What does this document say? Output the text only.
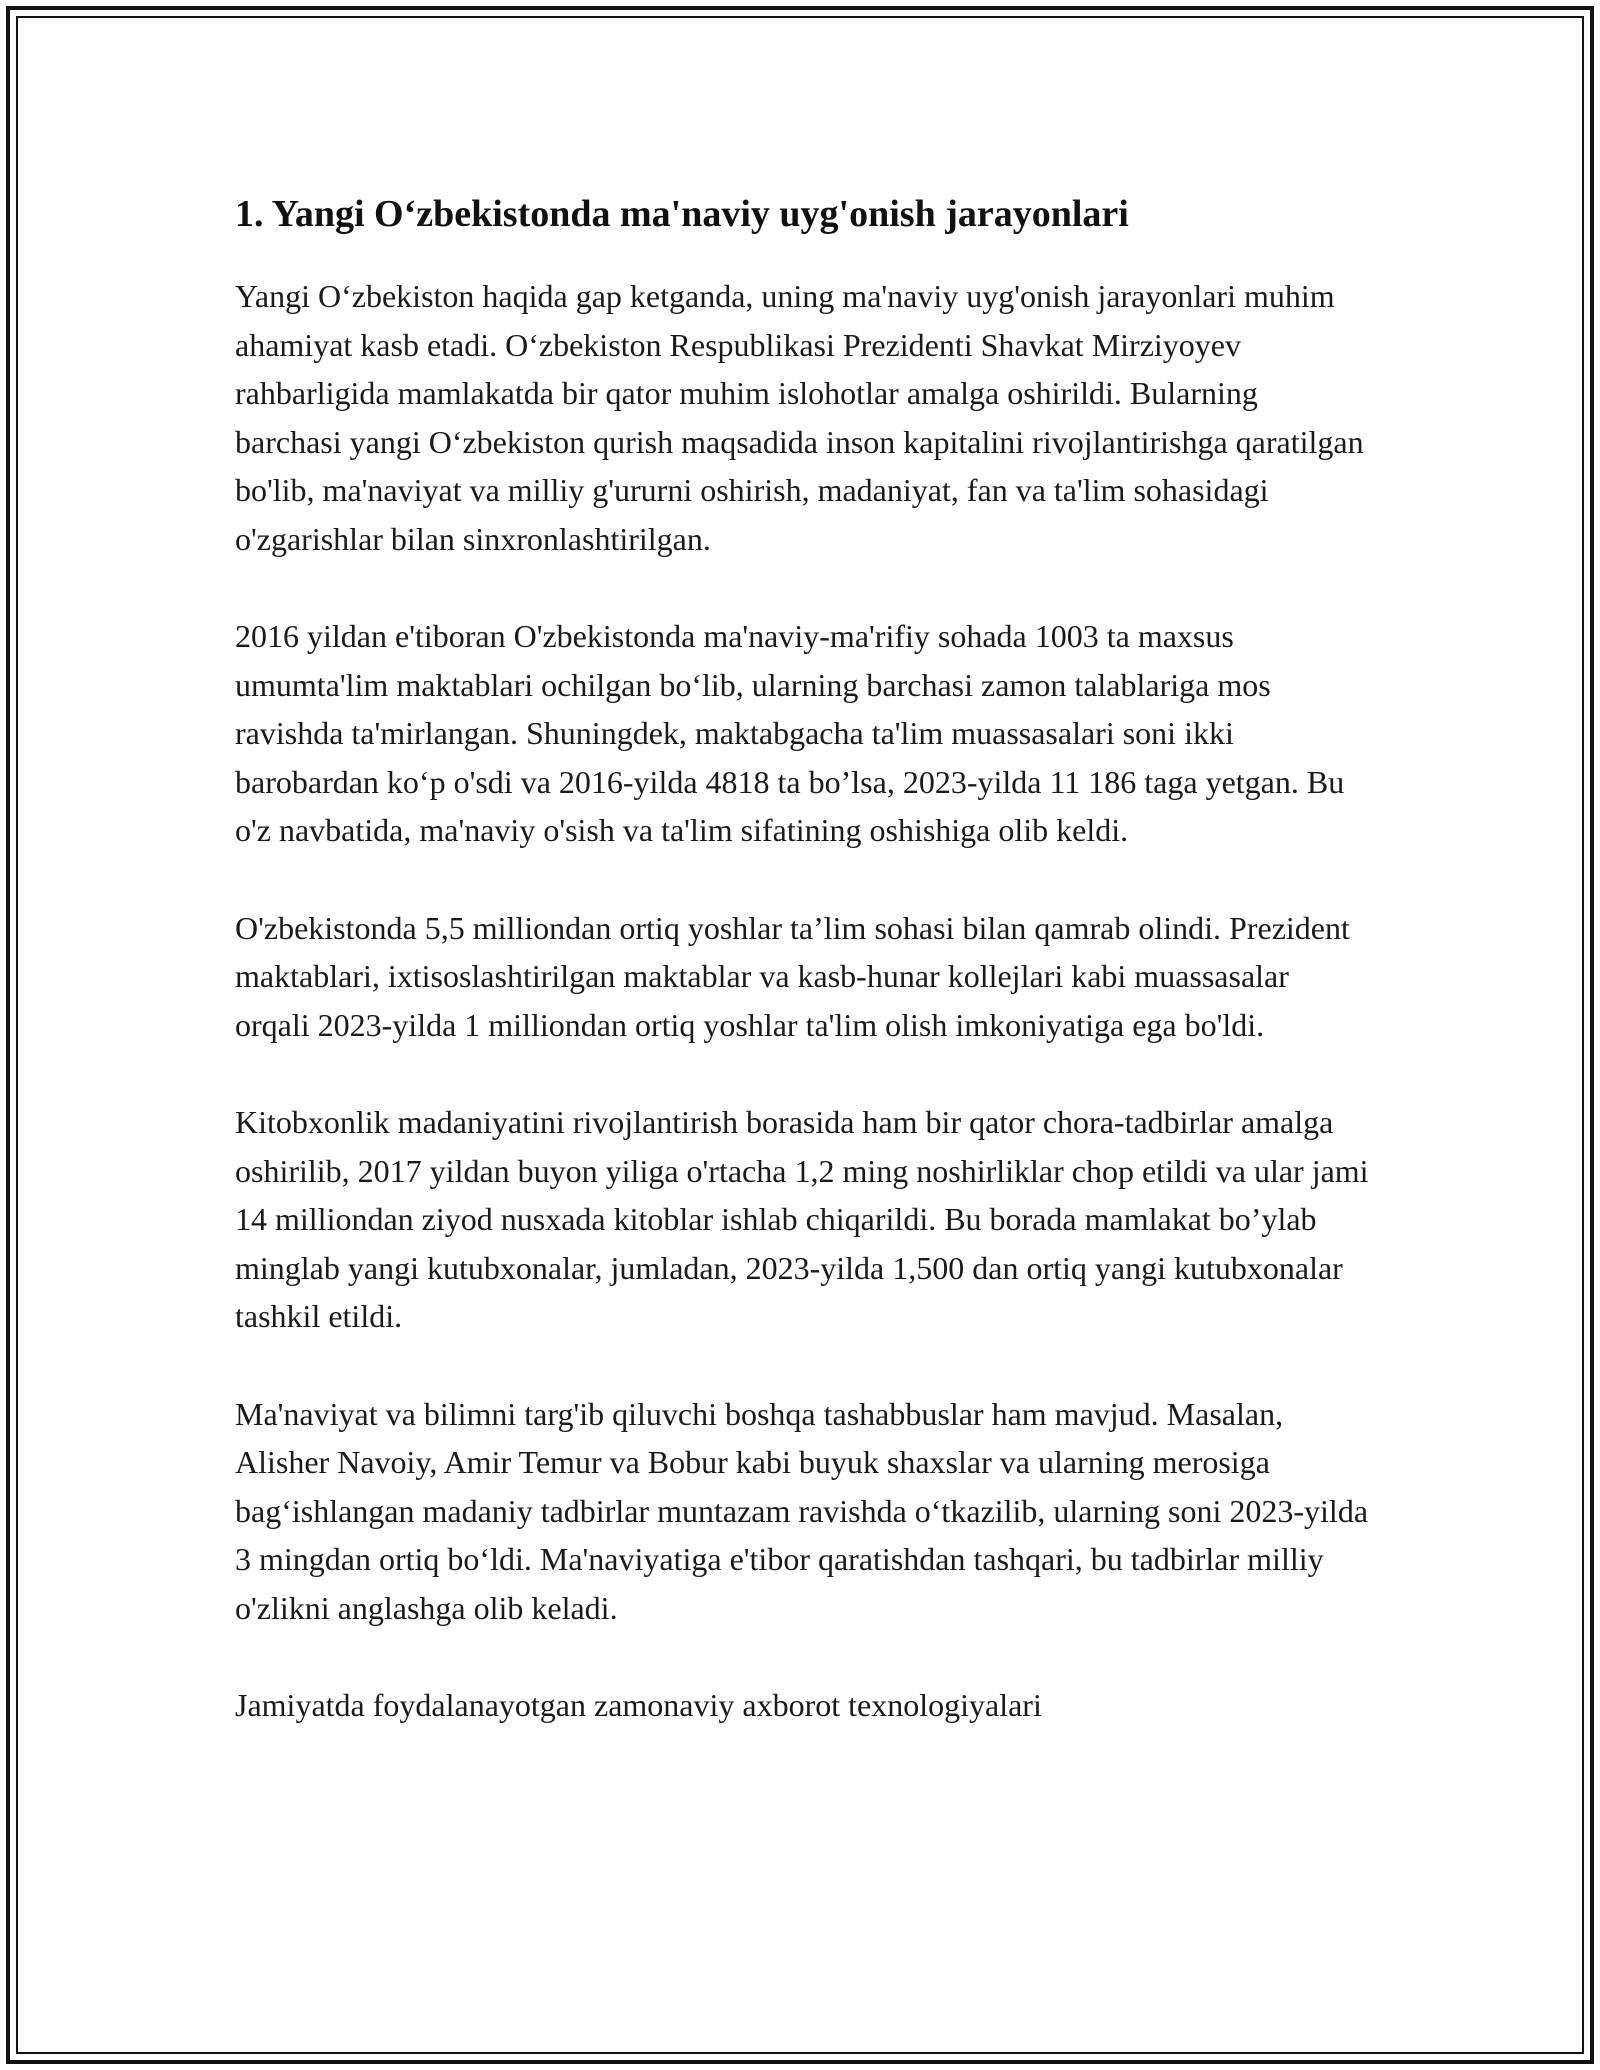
1. Yangi O‘zbekistonda ma'naviy uyg'onish jarayonlari

Yangi O‘zbekiston haqida gap ketganda, uning ma'naviy uyg'onish jarayonlari muhim ahamiyat kasb etadi. O‘zbekiston Respublikasi Prezidenti Shavkat Mirziyoyev rahbarligida mamlakatda bir qator muhim islohotlar amalga oshirildi. Bularning barchasi yangi O‘zbekiston qurish maqsadida inson kapitalini rivojlantirishga qaratilgan bo'lib, ma'naviyat va milliy g'ururni oshirish, madaniyat, fan va ta'lim sohasidagi o'zgarishlar bilan sinxronlashtirilgan.

2016 yildan e'tiboran O'zbekistonda ma'naviy-ma'rifiy sohada 1003 ta maxsus umumta'lim maktablari ochilgan bo‘lib, ularning barchasi zamon talablariga mos ravishda ta'mirlangan. Shuningdek, maktabgacha ta'lim muassasalari soni ikki barobardan ko‘p o'sdi va 2016-yilda 4818 ta bo’lsa, 2023-yilda 11 186 taga yetgan. Bu o'z navbatida, ma'naviy o'sish va ta'lim sifatining oshishiga olib keldi.

O'zbekistonda 5,5 milliondan ortiq yoshlar ta’lim sohasi bilan qamrab olindi. Prezident maktablari, ixtisoslashtirilgan maktablar va kasb-hunar kollejlari kabi muassasalar orqali 2023-yilda 1 milliondan ortiq yoshlar ta'lim olish imkoniyatiga ega bo'ldi.

Kitobxonlik madaniyatini rivojlantirish borasida ham bir qator chora-tadbirlar amalga oshirilib, 2017 yildan buyon yiliga o'rtacha 1,2 ming noshirliklar chop etildi va ular jami 14 milliondan ziyod nusxada kitoblar ishlab chiqarildi. Bu borada mamlakat bo’ylab minglab yangi kutubxonalar, jumladan, 2023-yilda 1,500 dan ortiq yangi kutubxonalar tashkil etildi.

Ma'naviyat va bilimni targ'ib qiluvchi boshqa tashabbuslar ham mavjud. Masalan, Alisher Navoiy, Amir Temur va Bobur kabi buyuk shaxslar va ularning merosiga bag‘ishlangan madaniy tadbirlar muntazam ravishda o‘tkazilib, ularning soni 2023-yilda 3 mingdan ortiq bo‘ldi. Ma'naviyatiga e'tibor qaratishdan tashqari, bu tadbirlar milliy o'zlikni anglashga olib keladi.

Jamiyatda foydalanayotgan zamonaviy axborot texnologiyalari
